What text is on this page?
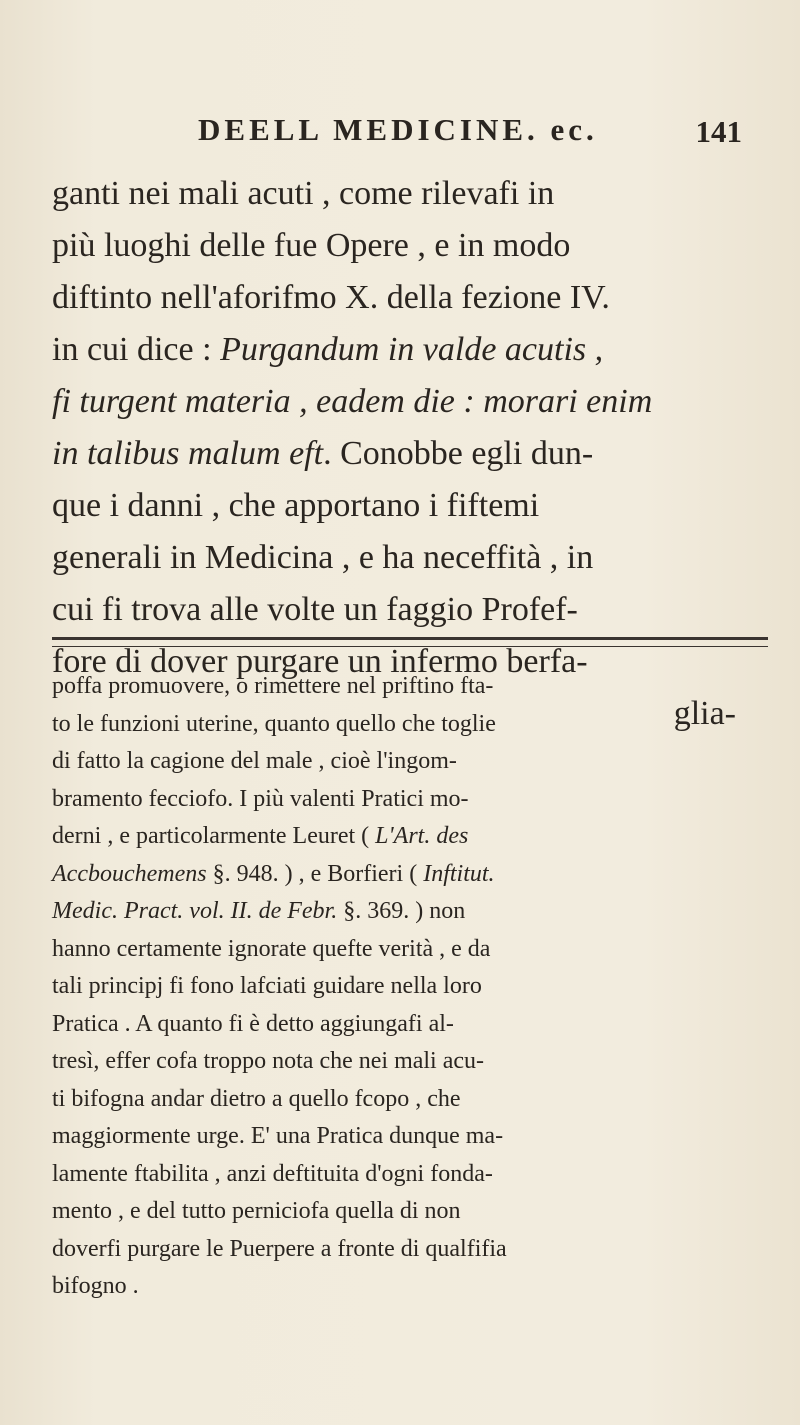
DEELL MEDICINE. ec.	141
ganti nei mali acuti , come rilevafi in
più luoghi delle fue Opere , e in modo
diftinto nell'aforifmo X. della fezione IV.
in cui dice : Purgandum in valde acutis ,
fi turgent materia , eadem die : morari enim
in talibus malum eft. Conobbe egli dun-
que i danni , che apportano i fiftemi
generali in Medicina , e ha neceffità , in
cui fi trova alle volte un faggio Profef-
fore di dover purgare un infermo berfa-
glia-
poffa promuovere, o rimettere nel priftino fta-
to le funzioni uterine, quanto quello che toglie
di fatto la cagione del male , cioè l'ingom-
bramento fecciofo. I più valenti Pratici mo-
derni , e particolarmente Leuret ( L'Art. des
Accbouchemens §. 948. ) , e Borfieri ( Inftitut.
Medic. Pract. vol. II. de Febr. §. 369. ) non
hanno certamente ignorate quefte verità , e da
tali principj fi fono lafciati guidare nella loro
Pratica . A quanto fi è detto aggiungafi al-
tresì, effer cofa troppo nota che nei mali acu-
ti bifogna andar dietro a quello fcopo , che
maggiormente urge. E' una Pratica dunque ma-
lamente ftabilita , anzi deftituita d'ogni fonda-
mento , e del tutto perniciofa quella di non
doverfi purgare le Puerpere a fronte di qualfifia
bifogno .
